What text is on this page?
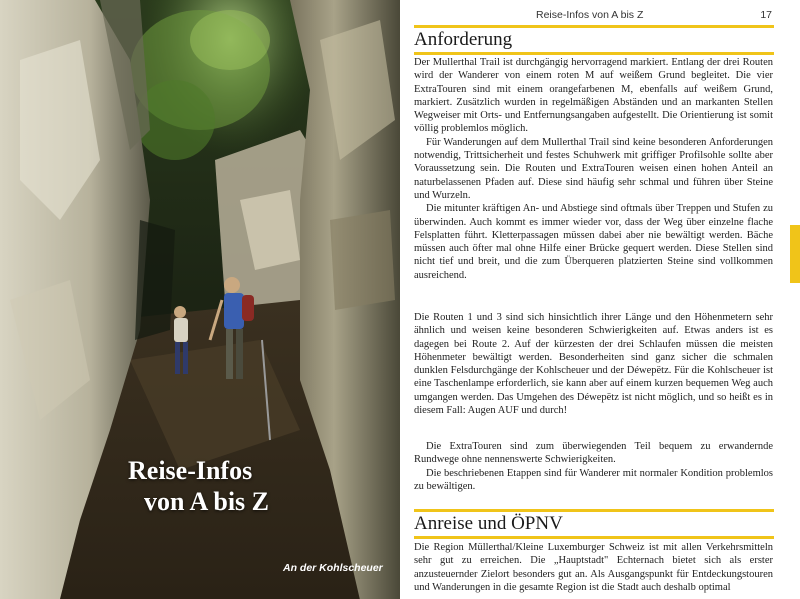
Reise-Infos
von A bis Z
An der Kohlscheuer
Reise-Infos von A bis Z	17
Anforderung

Der Mullerthal Trail ist durchgängig hervorragend markiert. Entlang der drei Routen wird der Wanderer von einem roten M auf weißem Grund begleitet. Die vier ExtraTouren sind mit einem orangefarbenen M, ebenfalls auf weißem Grund, markiert. Zusätzlich wurden in regelmäßigen Abständen und an markanten Stellen Wegweiser mit Orts- und Entfernungsangaben aufgestellt. Die Orientierung ist somit völlig problemlos möglich.

Für Wanderungen auf dem Mullerthal Trail sind keine besonderen Anforderungen notwendig, Trittsicherheit und festes Schuhwerk mit griffiger Profilsohle sollte aber Voraussetzung sein. Die Routen und ExtraTouren weisen einen hohen Anteil an naturbelassenen Pfaden auf. Diese sind häufig sehr schmal und führen über Steine und Wurzeln.

Die mitunter kräftigen An- und Abstiege sind oftmals über Treppen und Stufen zu überwinden. Auch kommt es immer wieder vor, dass der Weg über einzelne flache Felsplatten führt. Kletterpassagen müssen dabei aber nie bewältigt werden. Bäche müssen auch öfter mal ohne Hilfe einer Brücke gequert werden. Diese Stellen sind nicht tief und breit, und die zum Überqueren platzierten Steine sind vollkommen ausreichend.

Die Routen 1 und 3 sind sich hinsichtlich ihrer Länge und den Höhenmetern sehr ähnlich und weisen keine besonderen Schwierigkeiten auf. Etwas anders ist es dagegen bei Route 2. Auf der kürzesten der drei Schlaufen müssen die meisten Höhenmeter bewältigt werden. Besonderheiten sind ganz sicher die schmalen dunklen Felsdurchgänge der Kohlscheuer und der Déwepëtz. Für die Kohlscheuer ist eine Taschenlampe erforderlich, sie kann aber auf einem kurzen bequemen Weg auch umgangen werden. Das Umgehen des Déwepëtz ist nicht möglich, und so heißt es in diesem Fall: Augen AUF und durch!

Die ExtraTouren sind zum überwiegenden Teil bequem zu erwandernde Rundwege ohne nennenswerte Schwierigkeiten.

Die beschriebenen Etappen sind für Wanderer mit normaler Kondition problemlos zu bewältigen.

Anreise und ÖPNV

Die Region Müllerthal/Kleine Luxemburger Schweiz ist mit allen Verkehrsmitteln sehr gut zu erreichen. Die „Hauptstadt" Echternach bietet sich als erster anzusteuernder Zielort besonders gut an. Als Ausgangspunkt für Entdeckungstouren und Wanderungen in die gesamte Region ist die Stadt auch deshalb optimal
